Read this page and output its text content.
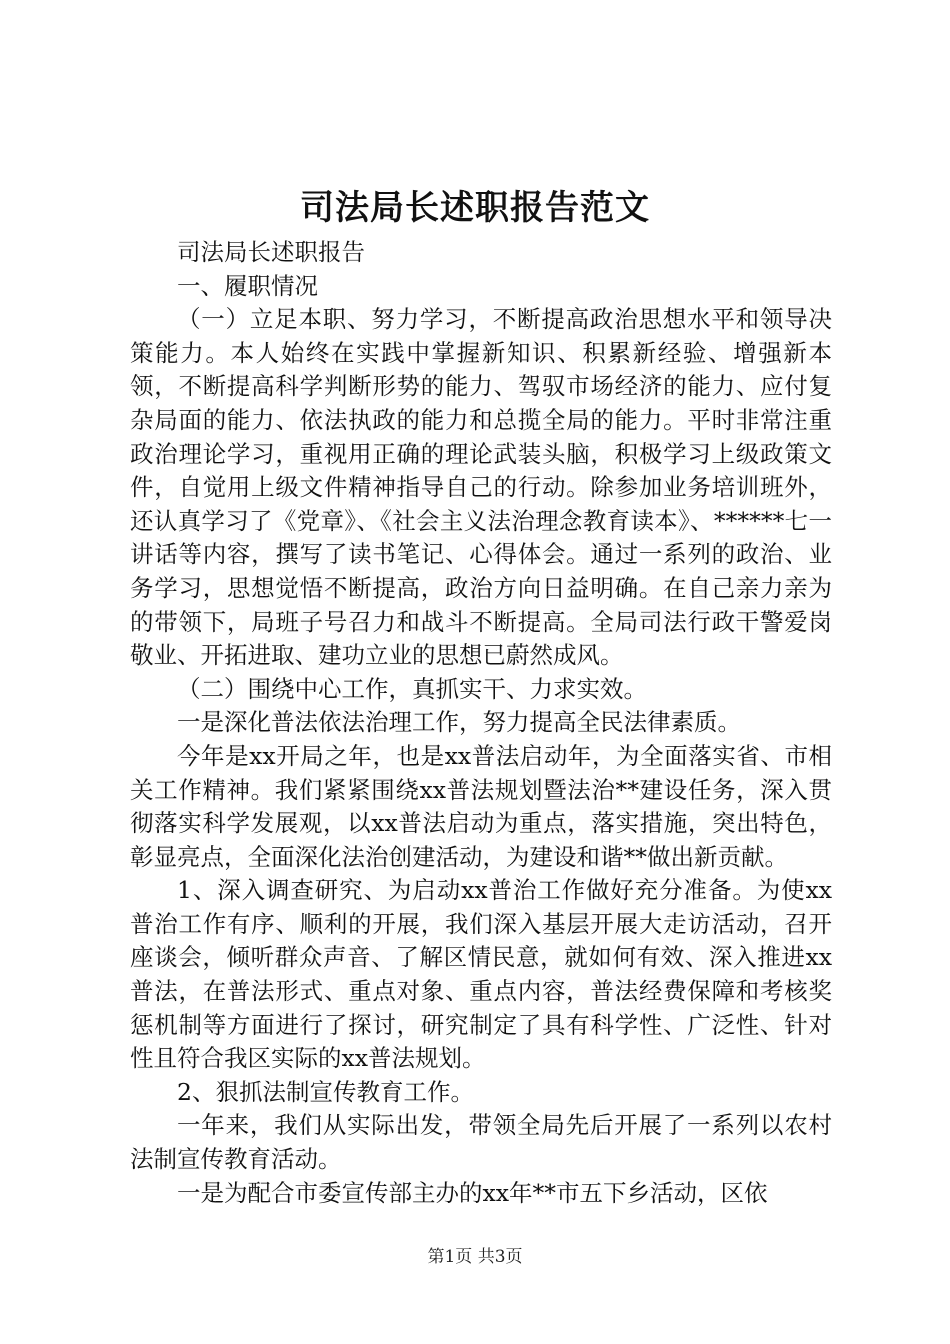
司法局长述职报告范文

司法局长述职报告

一、履职情况

（一）立足本职、努力学习，不断提高政治思想水平和领导决策能力。本人始终在实践中掌握新知识、积累新经验、增强新本领，不断提高科学判断形势的能力、驾驭市场经济的能力、应付复杂局面的能力、依法执政的能力和总揽全局的能力。平时非常注重政治理论学习，重视用正确的理论武装头脑，积极学习上级政策文件，自觉用上级文件精神指导自己的行动。除参加业务培训班外，还认真学习了《党章》、《社会主义法治理念教育读本》、******七一讲话等内容，撰写了读书笔记、心得体会。通过一系列的政治、业务学习，思想觉悟不断提高，政治方向日益明确。在自己亲力亲为的带领下，局班子号召力和战斗不断提高。全局司法行政干警爱岗敬业、开拓进取、建功立业的思想已蔚然成风。

（二）围绕中心工作，真抓实干、力求实效。

一是深化普法依法治理工作，努力提高全民法律素质。

今年是xx开局之年，也是xx普法启动年，为全面落实省、市相关工作精神。我们紧紧围绕xx普法规划暨法治**建设任务，深入贯彻落实科学发展观，以xx普法启动为重点，落实措施，突出特色，彰显亮点，全面深化法治创建活动，为建设和谐**做出新贡献。

1、深入调查研究、为启动xx普治工作做好充分准备。为使xx普治工作有序、顺利的开展，我们深入基层开展大走访活动，召开座谈会，倾听群众声音、了解区情民意，就如何有效、深入推进xx普法，在普法形式、重点对象、重点内容，普法经费保障和考核奖惩机制等方面进行了探讨，研究制定了具有科学性、广泛性、针对性且符合我区实际的xx普法规划。

2、狠抓法制宣传教育工作。

一年来，我们从实际出发，带领全局先后开展了一系列以农村法制宣传教育活动。

一是为配合市委宣传部主办的xx年**市五下乡活动，区依

第1页 共3页
